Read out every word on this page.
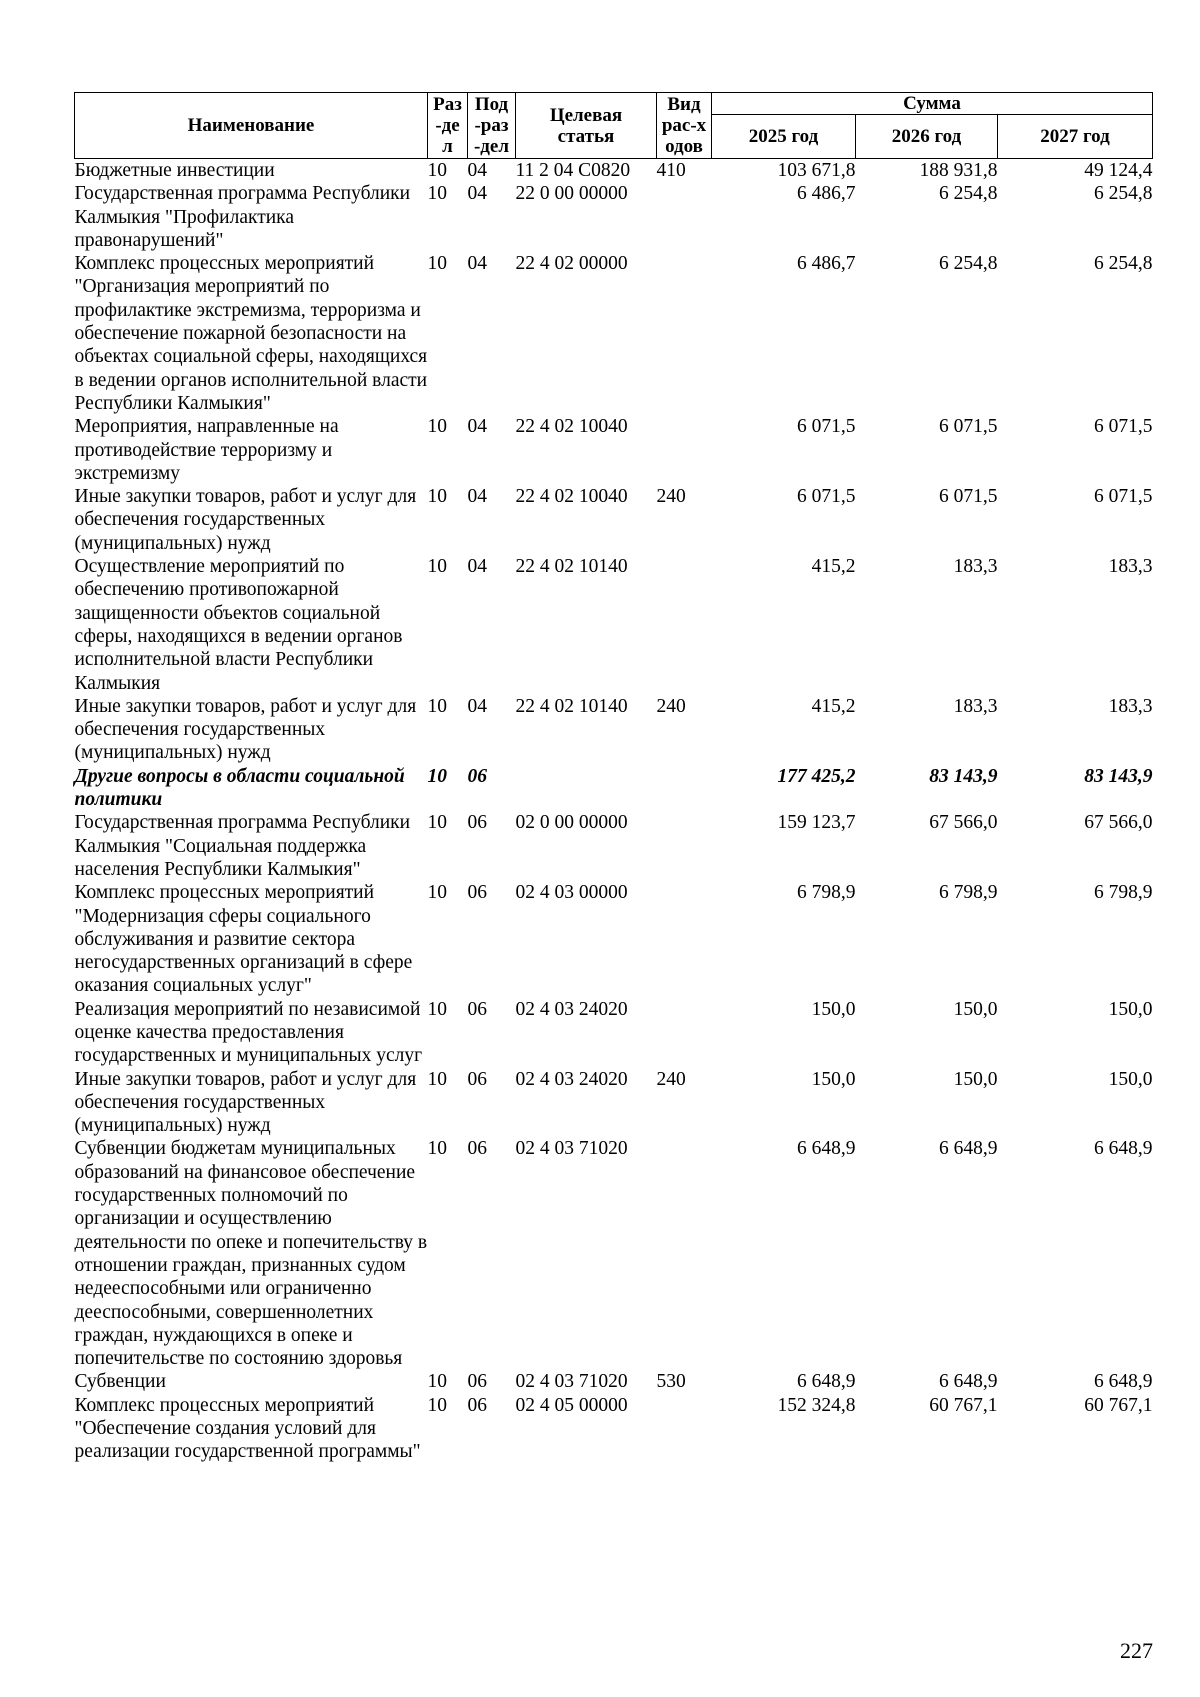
Наименование	Раз-дел	Под-раз-дел	Целевая статья	Вид рас-ходов	Сумма		
					2025 год	2026 год	2027 год
Бюджетные инвестиции	10	04	11 2 04 С0820	410	103 671,8	188 931,8	49 124,4
Государственная программа Республики Калмыкия "Профилактика правонарушений"	10	04	22 0 00 00000		6 486,7	6 254,8	6 254,8
Комплекс процессных мероприятий "Организация мероприятий по профилактике экстремизма, терроризма и обеспечение пожарной безопасности на объектах социальной сферы, находящихся в ведении органов исполнительной власти Республики Калмыкия"	10	04	22 4 02 00000		6 486,7	6 254,8	6 254,8
Мероприятия, направленные на противодействие терроризму и экстремизму	10	04	22 4 02 10040		6 071,5	6 071,5	6 071,5
Иные закупки товаров, работ и услуг для обеспечения государственных (муниципальных) нужд	10	04	22 4 02 10040	240	6 071,5	6 071,5	6 071,5
Осуществление мероприятий по обеспечению противопожарной защищенности объектов социальной сферы, находящихся в ведении органов исполнительной власти Республики Калмыкия	10	04	22 4 02 10140		415,2	183,3	183,3
Иные закупки товаров, работ и услуг для обеспечения государственных (муниципальных) нужд	10	04	22 4 02 10140	240	415,2	183,3	183,3
Другие вопросы в области социальной политики	10	06			177 425,2	83 143,9	83 143,9
Государственная программа Республики Калмыкия "Социальная поддержка населения Республики Калмыкия"	10	06	02 0 00 00000		159 123,7	67 566,0	67 566,0
Комплекс процессных мероприятий "Модернизация сферы социального обслуживания и развитие сектора негосударственных организаций в сфере оказания социальных услуг"	10	06	02 4 03 00000		6 798,9	6 798,9	6 798,9
Реализация мероприятий по независимой оценке качества предоставления государственных и муниципальных услуг	10	06	02 4 03 24020		150,0	150,0	150,0
Иные закупки товаров, работ и услуг для обеспечения государственных (муниципальных) нужд	10	06	02 4 03 24020	240	150,0	150,0	150,0
Субвенции бюджетам муниципальных образований на финансовое обеспечение государственных полномочий по организации и осуществлению деятельности по опеке и попечительству в отношении граждан, признанных судом недееспособными или ограниченно дееспособными, совершеннолетних граждан, нуждающихся в опеке и попечительстве по состоянию здоровья	10	06	02 4 03 71020		6 648,9	6 648,9	6 648,9
Субвенции	10	06	02 4 03 71020	530	6 648,9	6 648,9	6 648,9
Комплекс процессных мероприятий "Обеспечение создания условий для реализации государственной программы"	10	06	02 4 05 00000		152 324,8	60 767,1	60 767,1
227
